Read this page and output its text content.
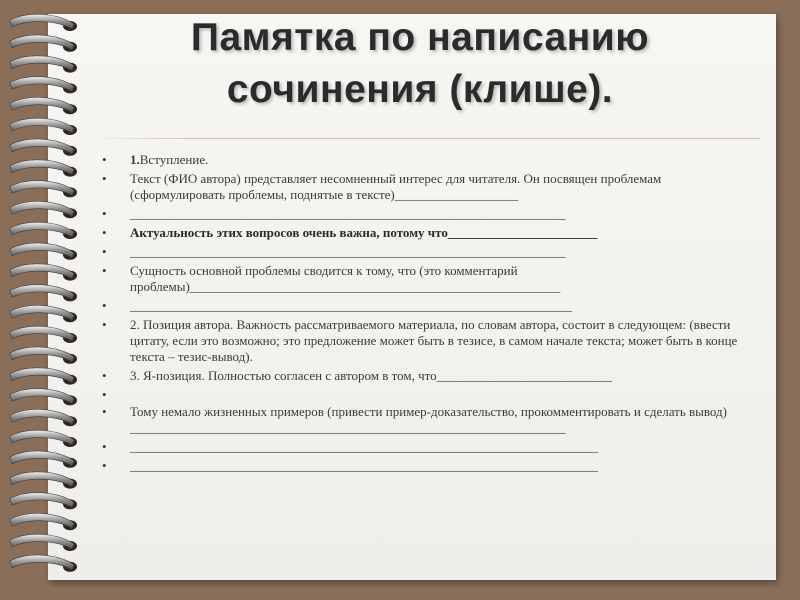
Памятка по написанию сочинения (клише).
• 1.Вступление.
• Текст (ФИО автора) представляет несомненный интерес для читателя. Он посвящен проблемам (сформулировать проблемы, поднятые в тексте)___________________
• ___________________________________________________________________
• Актуальность этих вопросов очень важна, потому что_______________________
• ___________________________________________________________________
• Сущность основной проблемы сводится к тому, что (это комментарий проблемы)_________________________________________________________
• ____________________________________________________________________
• 2. Позиция автора. Важность рассматриваемого материала, по словам автора, состоит в следующем: (ввести цитату, если это возможно; это предложение может быть в тезисе, в самом начале текста; может быть в конце текста – тезис-вывод).
• 3. Я-позиция. Полностью согласен с автором в том, что___________________________
•
• Тому немало жизненных примеров (привести пример-доказательство, прокомментировать и сделать вывод) ___________________________________________________________________
• ________________________________________________________________________
• ________________________________________________________________________
